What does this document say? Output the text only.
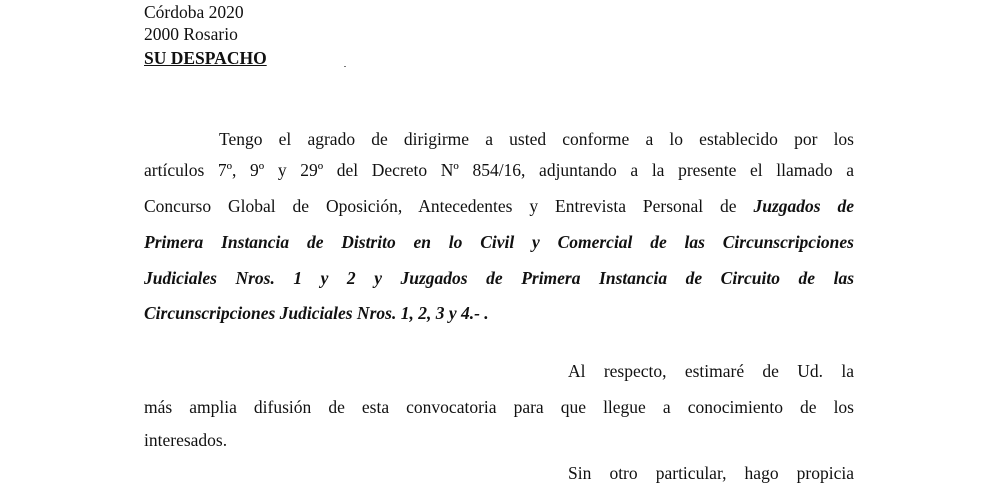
Córdoba 2020
2000 Rosario
SU DESPACHO
Tengo el agrado de dirigirme a usted conforme a lo establecido por los
artículos 7º, 9º y 29º del Decreto Nº 854/16, adjuntando a la presente el llamado a
Concurso Global de Oposición, Antecedentes y Entrevista Personal de Juzgados de
Primera Instancia de Distrito en lo Civil y Comercial de las Circunscripciones
Judiciales Nros. 1 y 2 y Juzgados de Primera Instancia de Circuito de las
Circunscripciones Judiciales Nros. 1, 2, 3 y 4.- .
Al respecto, estimaré de Ud. la
más amplia difusión de esta convocatoria para que llegue a conocimiento de los
interesados.
Sin otro particular, hago propicia
